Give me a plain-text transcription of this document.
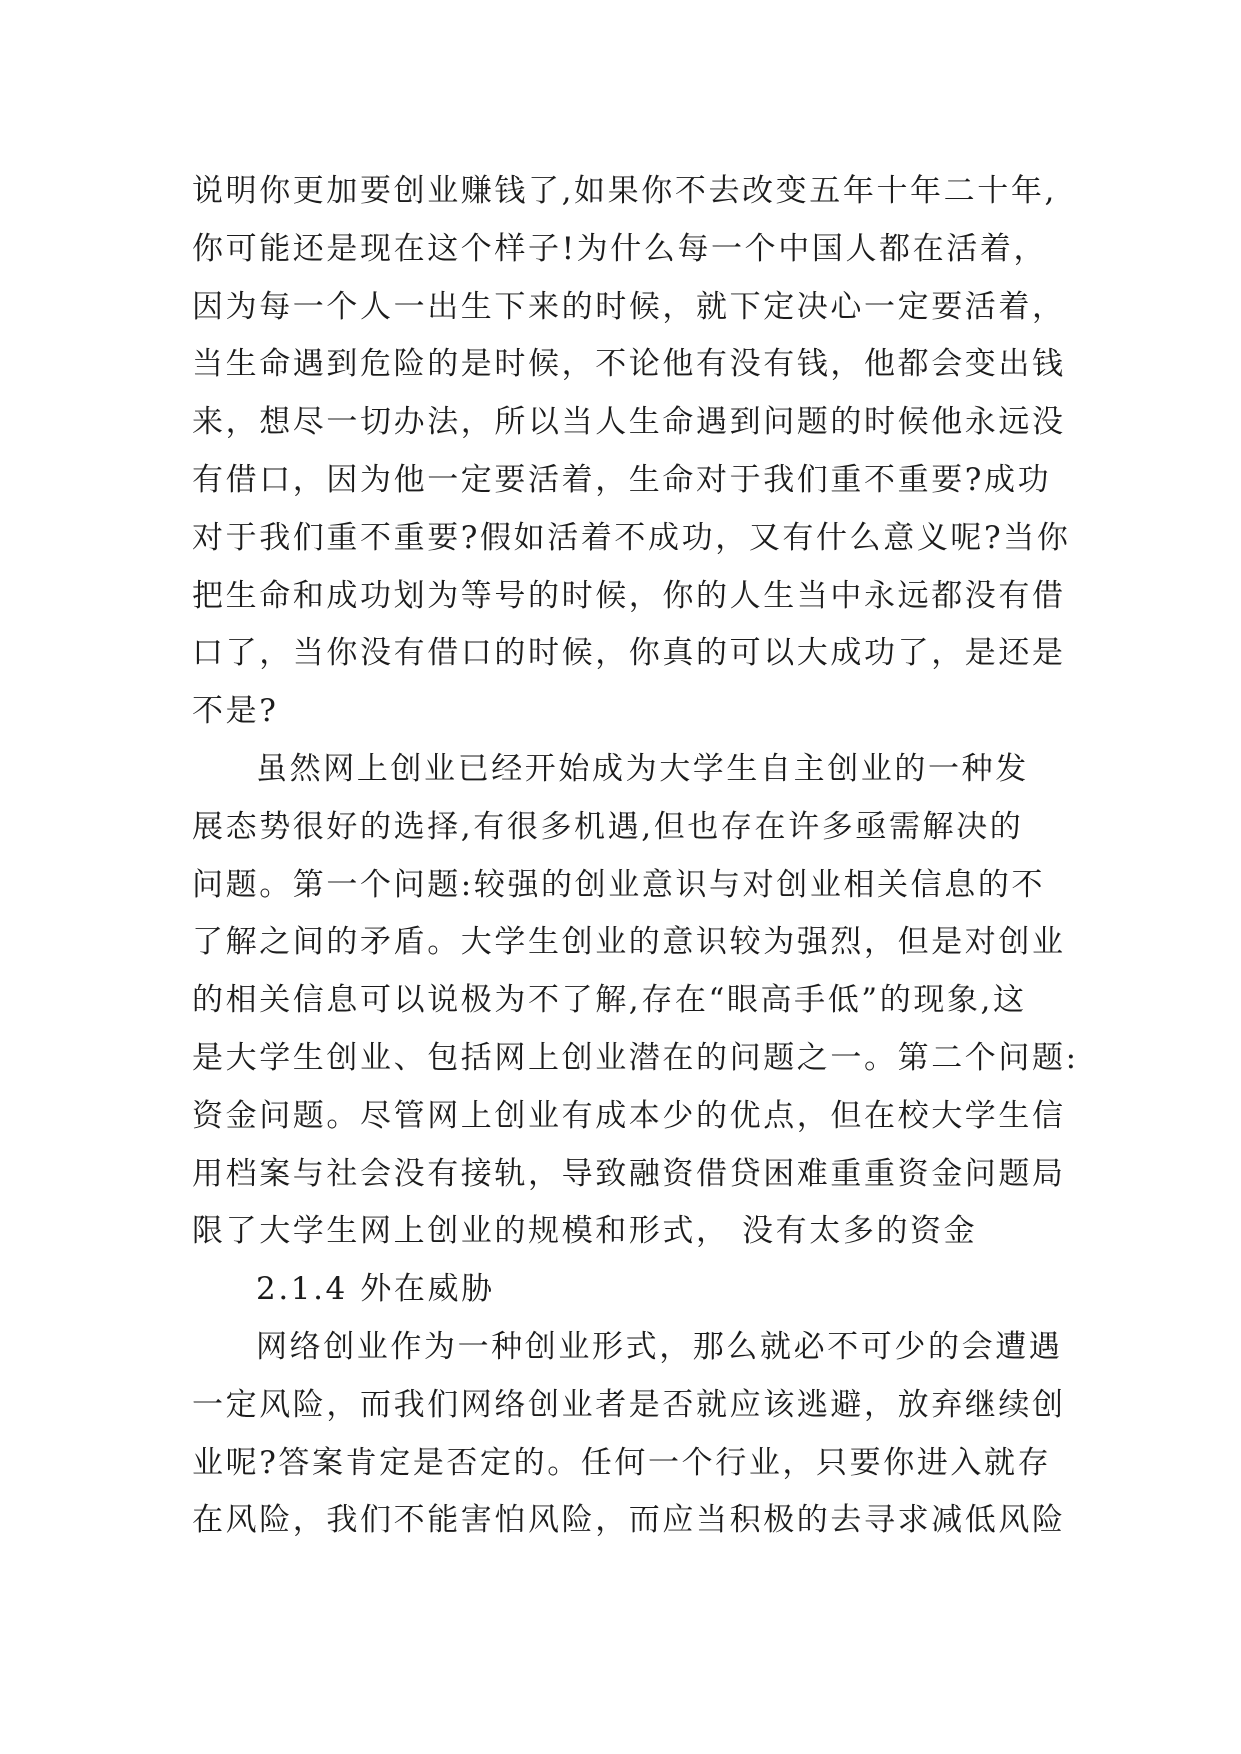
说明你更加要创业赚钱了,如果你不去改变五年十年二十年,
你可能还是现在这个样子!为什么每一个中国人都在活着，
因为每一个人一出生下来的时候，就下定决心一定要活着，
当生命遇到危险的是时候，不论他有没有钱，他都会变出钱
来，想尽一切办法，所以当人生命遇到问题的时候他永远没
有借口，因为他一定要活着，生命对于我们重不重要?成功
对于我们重不重要?假如活着不成功，又有什么意义呢?当你
把生命和成功划为等号的时候，你的人生当中永远都没有借
口了，当你没有借口的时候，你真的可以大成功了，是还是
不是?
虽然网上创业已经开始成为大学生自主创业的一种发
展态势很好的选择,有很多机遇,但也存在许多亟需解决的
问题。第一个问题:较强的创业意识与对创业相关信息的不
了解之间的矛盾。大学生创业的意识较为强烈，但是对创业
的相关信息可以说极为不了解,存在“眼高手低”的现象,这
是大学生创业、包括网上创业潜在的问题之一。第二个问题:
资金问题。尽管网上创业有成本少的优点，但在校大学生信
用档案与社会没有接轨，导致融资借贷困难重重资金问题局
限了大学生网上创业的规模和形式， 没有太多的资金
2.1.4 外在威胁
网络创业作为一种创业形式，那么就必不可少的会遭遇
一定风险，而我们网络创业者是否就应该逃避，放弃继续创
业呢?答案肯定是否定的。任何一个行业，只要你进入就存
在风险，我们不能害怕风险，而应当积极的去寻求减低风险
